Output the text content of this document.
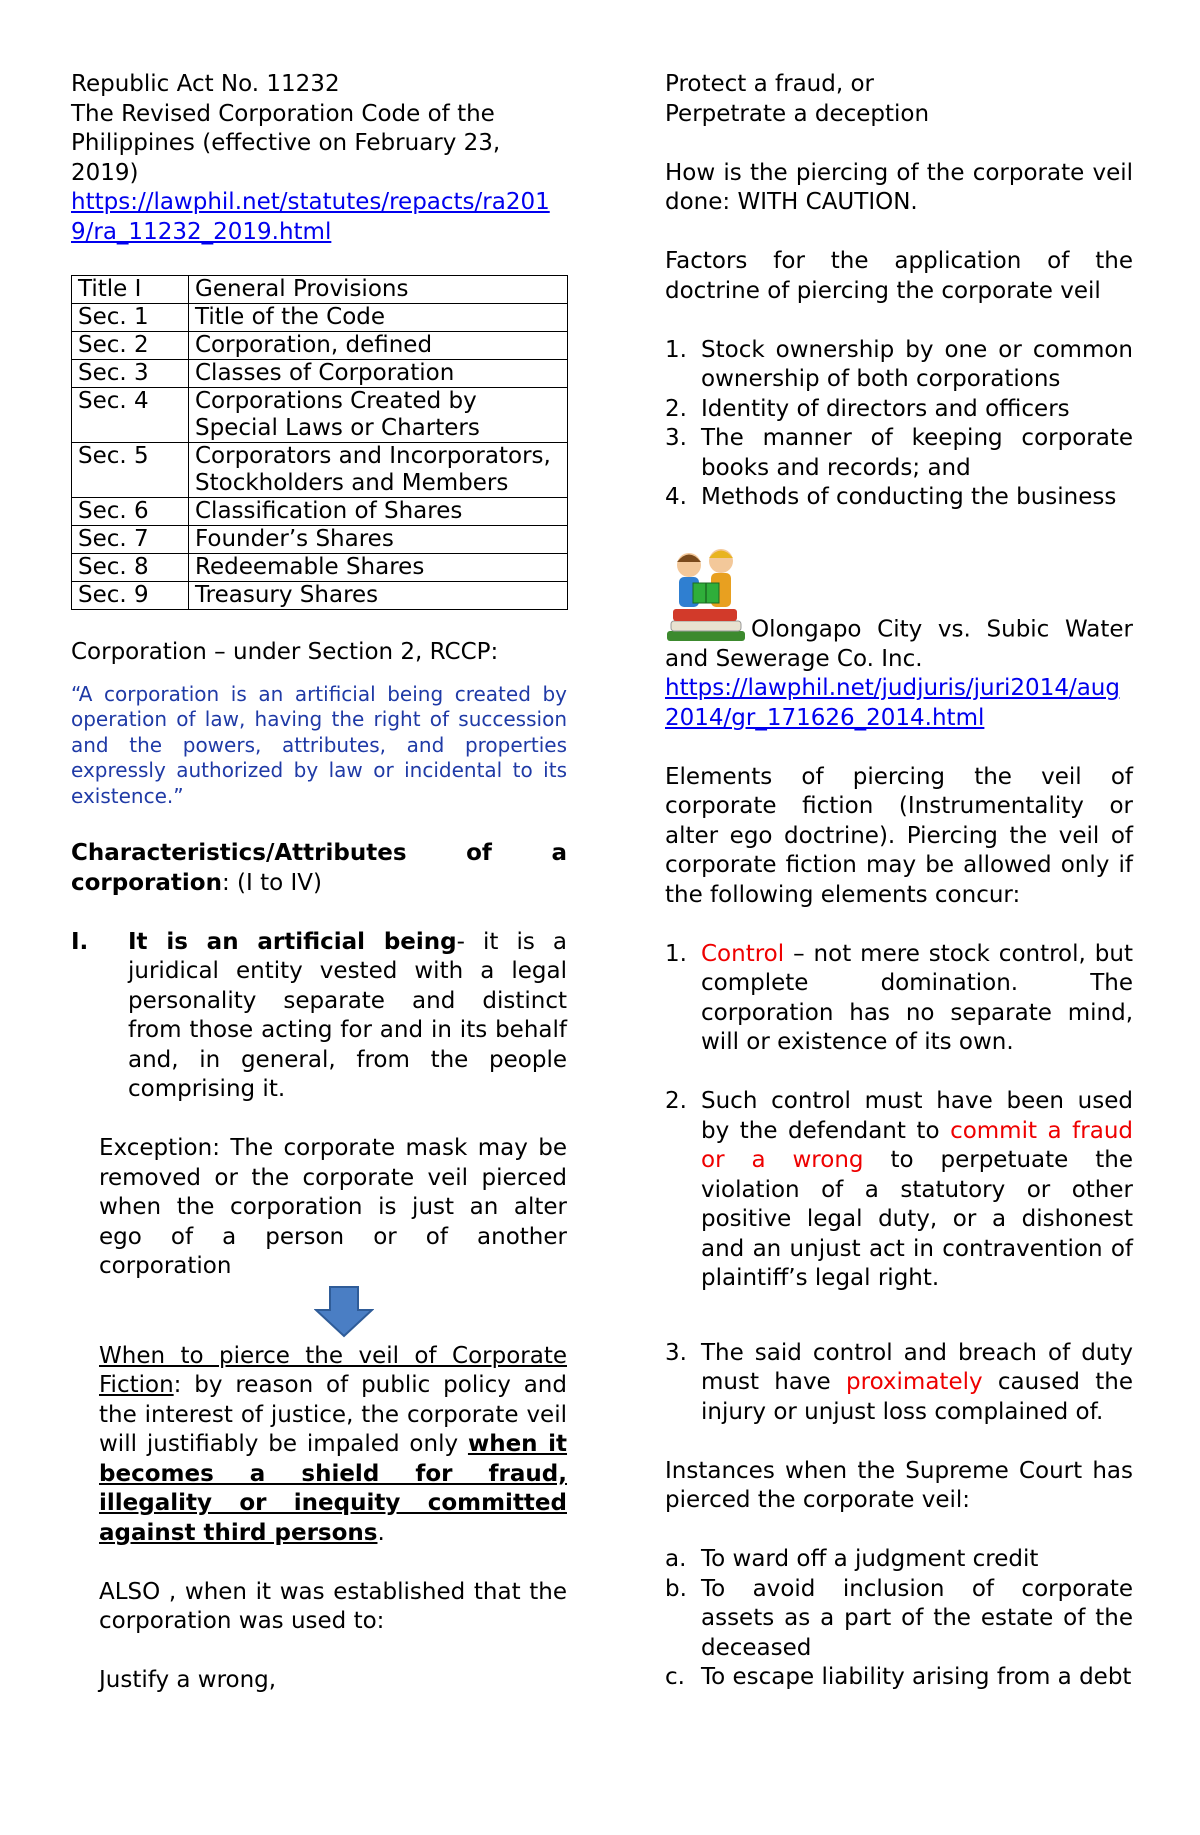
Republic Act No. 11232

The Revised Corporation Code of the Philippines (effective on February 23, 2019)

https://lawphil.net/statutes/repacts/ra2019/ra_11232_2019.html

Title I	General Provisions
Sec. 1	Title of the Code
Sec. 2	Corporation, defined
Sec. 3	Classes of Corporation
Sec. 4	Corporations Created by Special Laws or Charters
Sec. 5	Corporators and Incorporators, Stockholders and Members
Sec. 6	Classification of Shares
Sec. 7	Founder’s Shares
Sec. 8	Redeemable Shares
Sec. 9	Treasury Shares

Corporation – under Section 2, RCCP:

“A corporation is an artificial being created by operation of law, having the right of succession and the powers, attributes, and properties expressly authorized by law or incidental to its existence.”

Characteristics/Attributes of a corporation: (I to IV)

I.	It is an artificial being- it is a juridical entity vested with a legal personality separate and distinct from those acting for and in its behalf and, in general, from the people comprising it.

Exception: The corporate mask may be removed or the corporate veil pierced when the corporation is just an alter ego of a person or of another corporation

When to pierce the veil of Corporate Fiction: by reason of public policy and the interest of justice, the corporate veil will justifiably be impaled only when it becomes a shield for fraud, illegality or inequity committed against third persons.

ALSO , when it was established that the corporation was used to:

Justify a wrong,

Protect a fraud, or

Perpetrate a deception

How is the piercing of the corporate veil done: WITH CAUTION.

Factors for the application of the doctrine of piercing the corporate veil

1. Stock ownership by one or common ownership of both corporations
2. Identity of directors and officers
3. The manner of keeping corporate books and records; and
4. Methods of conducting the business

Olongapo City vs. Subic Water and Sewerage Co. Inc.

https://lawphil.net/judjuris/juri2014/aug2014/gr_171626_2014.html

Elements of piercing the veil of corporate fiction (Instrumentality or alter ego doctrine). Piercing the veil of corporate fiction may be allowed only if the following elements concur:

1. Control – not mere stock control, but complete domination. The corporation has no separate mind, will or existence of its own.
2. Such control must have been used by the defendant to commit a fraud or a wrong to perpetuate the violation of a statutory or other positive legal duty, or a dishonest and an unjust act in contravention of plaintiff’s legal right.
3. The said control and breach of duty must have proximately caused the injury or unjust loss complained of.

Instances when the Supreme Court has pierced the corporate veil:

a. To ward off a judgment credit
b. To avoid inclusion of corporate assets as a part of the estate of the deceased
c. To escape liability arising from a debt
